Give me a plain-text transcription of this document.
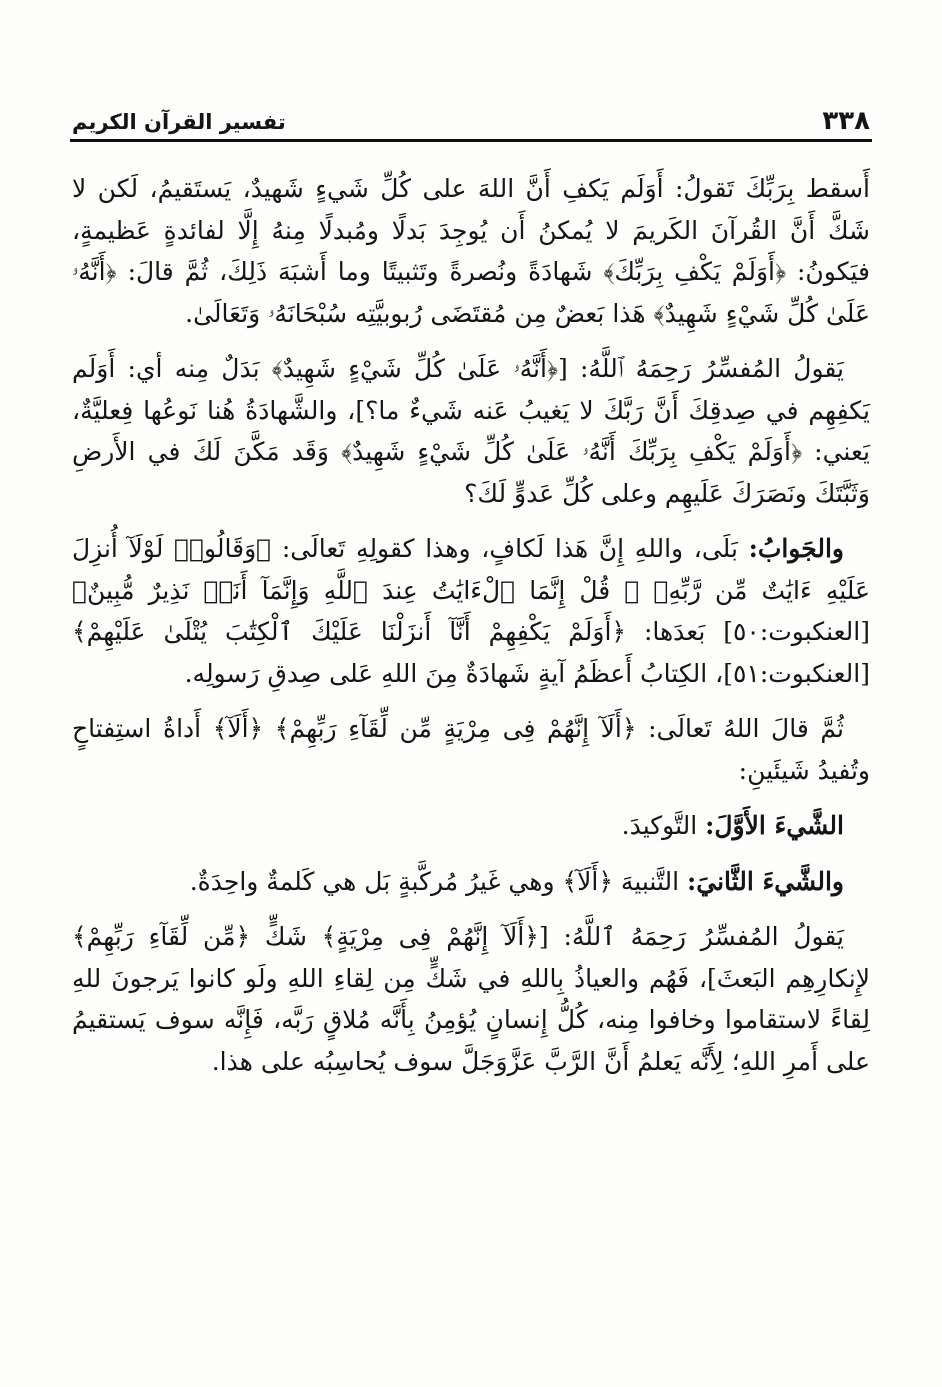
تفسير القرآن الكريم	٣٣٨

أَسقط بِرَبِّكَ تَقولُ: أَوَلَم يَكفِ أَنَّ اللهَ على كُلِّ شَيءٍ شَهيدٌ، يَستَقيمُ، لَكن لا شَكَّ أَنَّ القُرآنَ الكَريمَ لا يُمكنُ أَن يُوجِدَ بَدلًا ومُبدلًا مِنهُ إِلَّا لفائدةٍ عَظيمةٍ، فيَكونُ: ﴿أَوَلَمْ يَكْفِ بِرَبِّكَ﴾ شَهادَةً ونُصرةً وتَثبيتًا وما أَشبَهَ ذَلِكَ، ثُمَّ قالَ: ﴿أَنَّهُۥ عَلَىٰ كُلِّ شَيْءٍ شَهِيدٌ﴾ هَذا بَعضٌ مِن مُقتَضَى رُبوبيَّتِه سُبْحَانَهُۥ وَتَعَالَىٰ.

يَقولُ المُفسِّرُ رَحِمَهُ ٱللَّهُ: [﴿أَنَّهُۥ عَلَىٰ كُلِّ شَيْءٍ شَهِيدٌ﴾ بَدَلٌ مِنه أي: أَوَلَم يَكفِهِم في صِدقِكَ أَنَّ رَبَّكَ لا يَغيبُ عَنه شَيءٌ ما؟]، والشَّهادَةُ هُنا نَوعُها فِعليَّةٌ، يَعني: ﴿أَوَلَمْ يَكْفِ بِرَبِّكَ أَنَّهُۥ عَلَىٰ كُلِّ شَيْءٍ شَهِيدٌ﴾ وَقَد مَكَّنَ لَكَ في الأَرضِ وَثَبَّتَكَ ونَصَرَكَ عَلَيهِم وعلى كُلِّ عَدوٍّ لَكَ؟

والجَوابُ: بَلَى، واللهِ إِنَّ هَذا لَكافٍ، وهذا كقولِهِ تَعالَى: ﴿وَقَالُوا۟ لَوْلَآ أُنزِلَ عَلَيْهِ ءَايَٰتٌ مِّن رَّبِّهِۦ ۖ قُلْ إِنَّمَا ٱلْءَايَٰتُ عِندَ ٱللَّهِ وَإِنَّمَآ أَنَا۠ نَذِيرٌ مُّبِينٌ﴾ [العنكبوت:٥٠] بَعدَها: ﴿أَوَلَمْ يَكْفِهِمْ أَنَّآ أَنزَلْنَا عَلَيْكَ ٱلْكِتَٰبَ يُتْلَىٰ عَلَيْهِمْ﴾ [العنكبوت:٥١]، الكِتابُ أَعظَمُ آيةٍ شَهادَةٌ مِنَ اللهِ عَلى صِدقِ رَسولِه.

ثُمَّ قالَ اللهُ تَعالَى: ﴿أَلَآ إِنَّهُمْ فِى مِرْيَةٍ مِّن لِّقَآءِ رَبِّهِمْ﴾ ﴿أَلَآ﴾ أَداةُ استِفتاحٍ وتُفيدُ شَيئَينِ:

الشَّيءَ الأَوَّلَ: التَّوكيدَ.

والشَّيءَ الثَّانيَ: التَّنبيهَ ﴿أَلَآ﴾ وهي غَيرُ مُركَّبةٍ بَل هي كَلمةٌ واحِدَةٌ.

يَقولُ المُفسِّرُ رَحِمَهُ ٱللَّهُ: [﴿أَلَآ إِنَّهُمْ فِى مِرْيَةٍ﴾ شَكٍّ ﴿مِّن لِّقَآءِ رَبِّهِمْ﴾ لإِنكارِهِم البَعثَ]، فَهُم والعياذُ بِاللهِ في شَكٍّ مِن لِقاءِ اللهِ ولَو كانوا يَرجونَ للهِ لِقاءً لاستقاموا وخافوا مِنه، كُلُّ إِنسانٍ يُؤمِنُ بِأَنَّه مُلاقٍ رَبَّه، فَإِنَّه سوف يَستقيمُ على أَمرِ اللهِ؛ لِأَنَّه يَعلمُ أَنَّ الرَّبَّ عَزَّوَجَلَّ سوف يُحاسِبُه على هذا.
